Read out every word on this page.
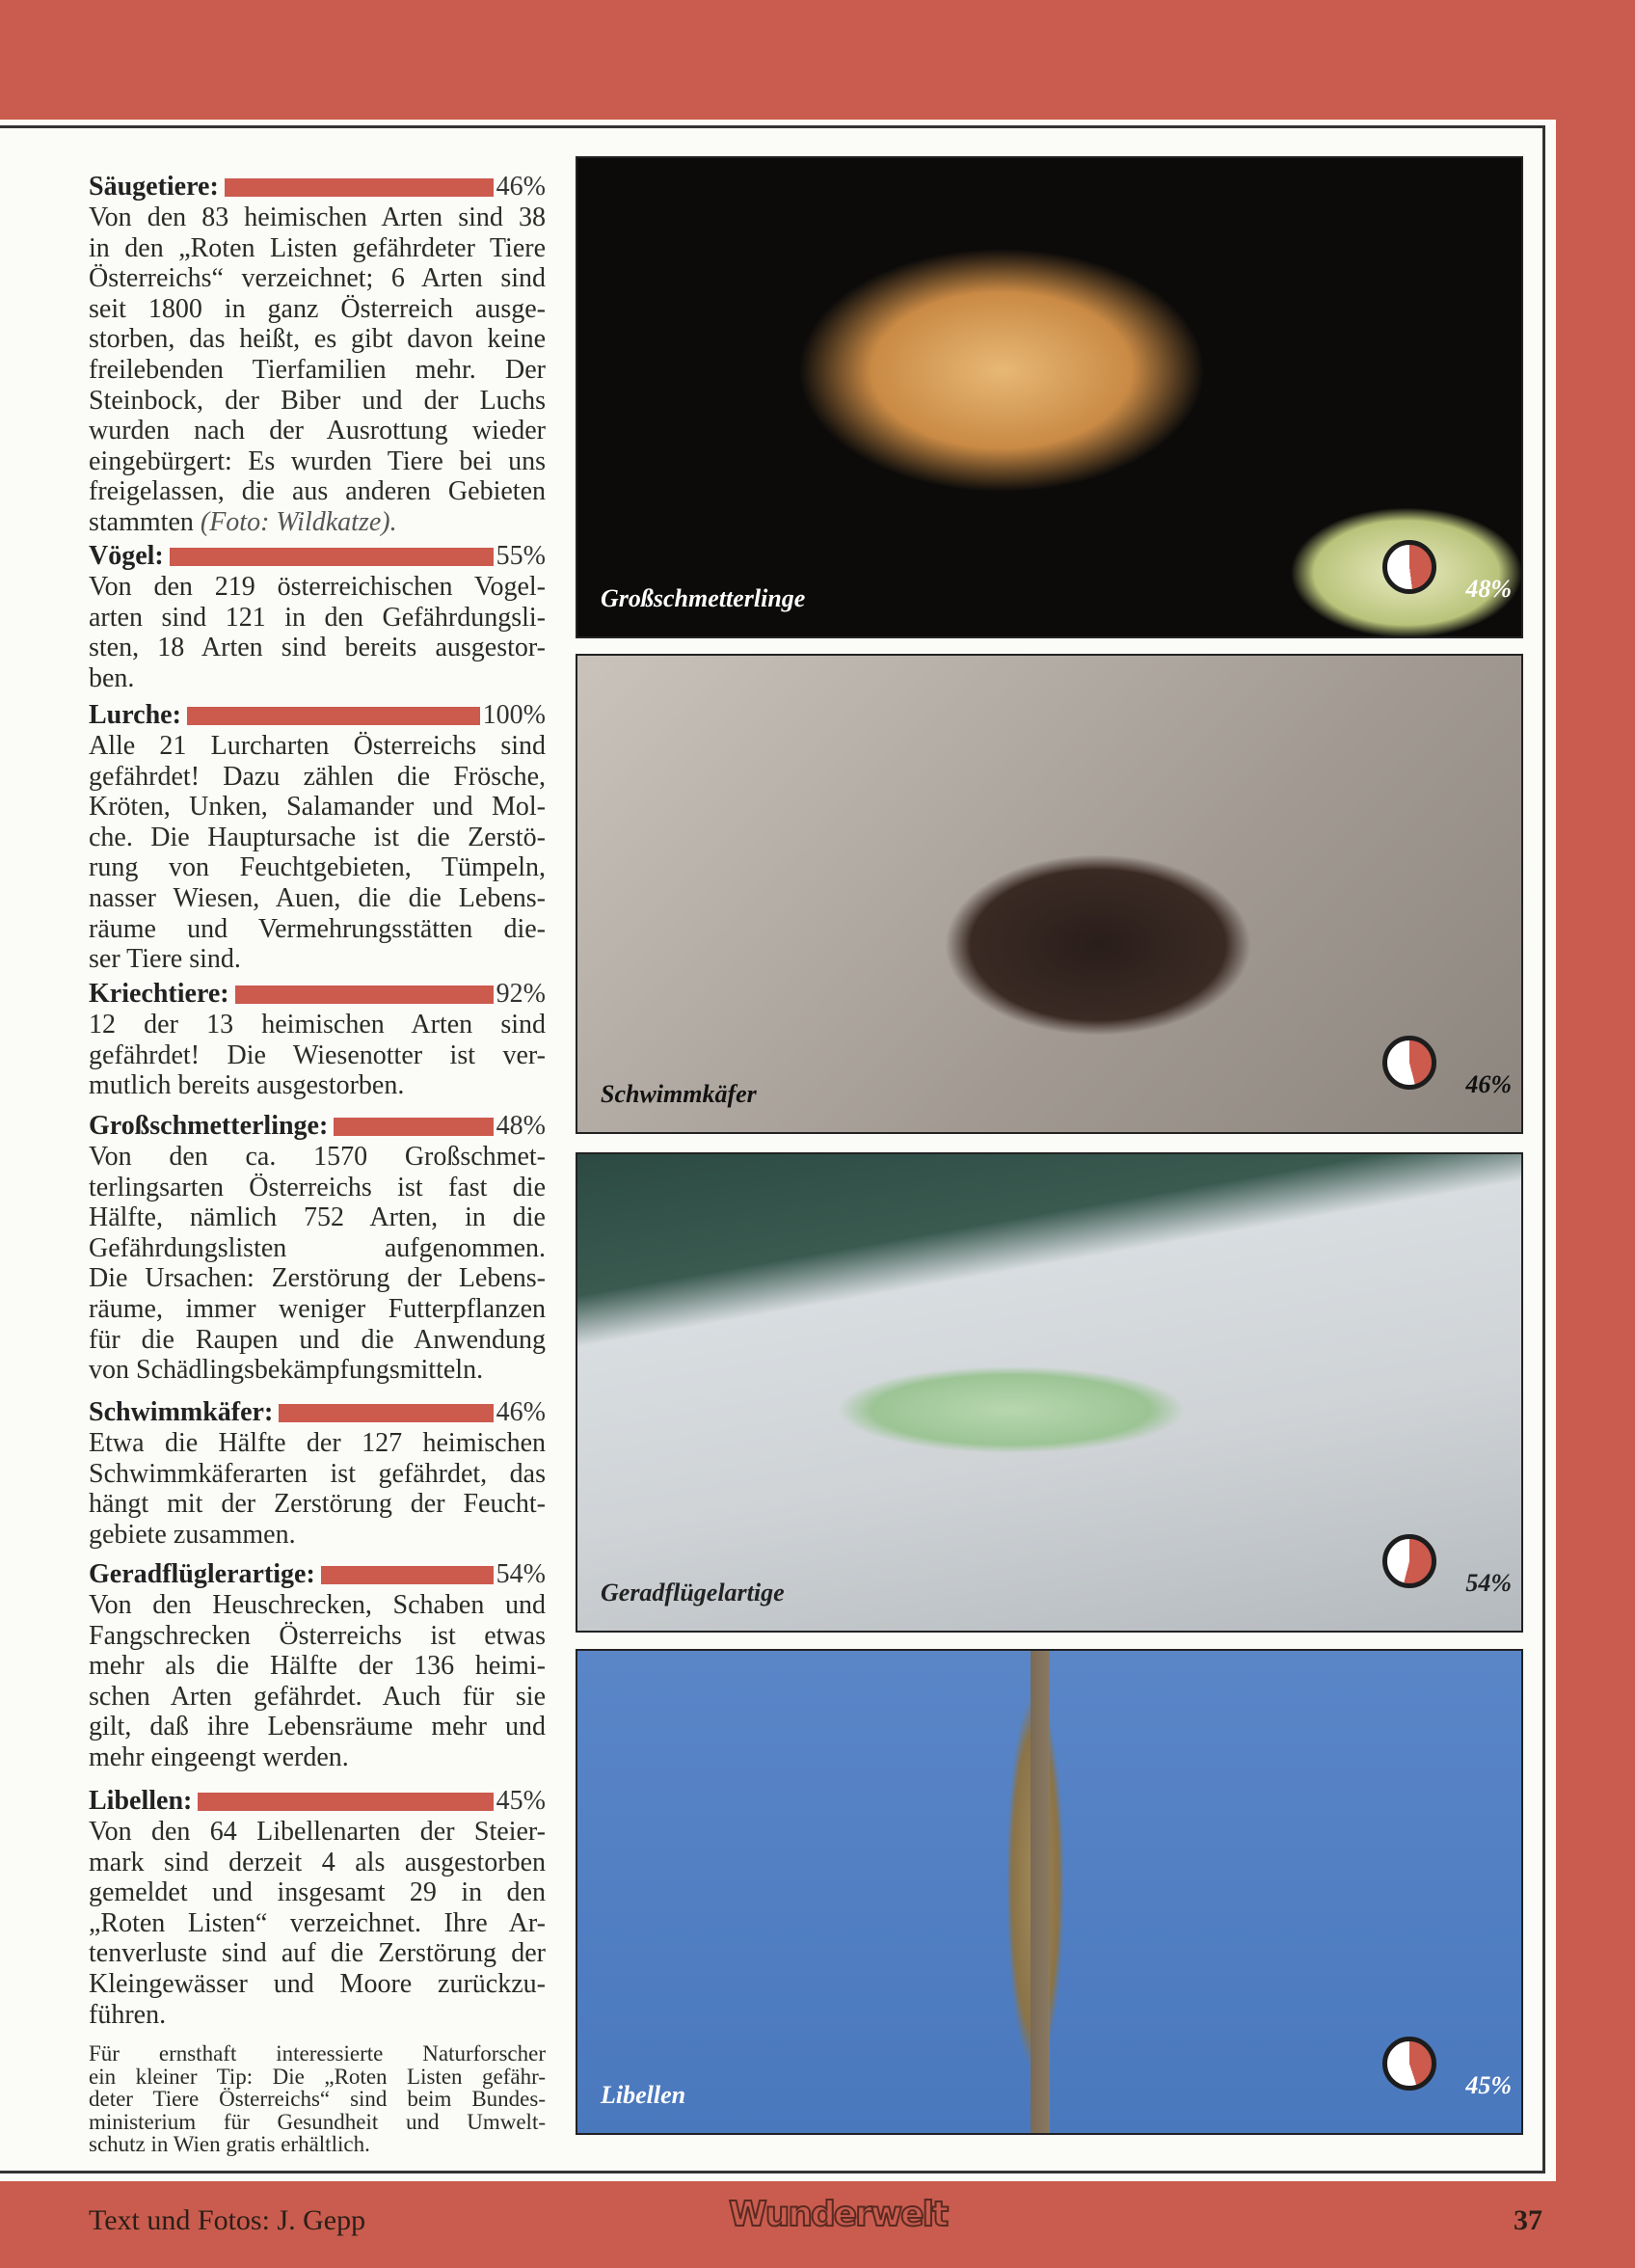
Säugetiere:	46%
Von den 83 heimischen Arten sind 38
in den „Roten Listen gefährdeter Tiere
Österreichs“ verzeichnet; 6 Arten sind
seit 1800 in ganz Österreich ausge-
storben, das heißt, es gibt davon keine
freilebenden Tierfamilien mehr. Der
Steinbock, der Biber und der Luchs
wurden nach der Ausrottung wieder
eingebürgert: Es wurden Tiere bei uns
freigelassen, die aus anderen Gebieten
stammten (Foto: Wildkatze).
Vögel:	55%
Von den 219 österreichischen Vogel-
arten sind 121 in den Gefährdungsli-
sten, 18 Arten sind bereits ausgestor-
ben.
Lurche:	100%
Alle 21 Lurcharten Österreichs sind
gefährdet! Dazu zählen die Frösche,
Kröten, Unken, Salamander und Mol-
che. Die Hauptursache ist die Zerstö-
rung von Feuchtgebieten, Tümpeln,
nasser Wiesen, Auen, die die Lebens-
räume und Vermehrungsstätten die-
ser Tiere sind.
Kriechtiere:	92%
12 der 13 heimischen Arten sind
gefährdet! Die Wiesenotter ist ver-
mutlich bereits ausgestorben.
Großschmetterlinge:	48%
Von den ca. 1570 Großschmet-
terlingsarten Österreichs ist fast die
Hälfte, nämlich 752 Arten, in die
Gefährdungslisten aufgenommen.
Die Ursachen: Zerstörung der Lebens-
räume, immer weniger Futterpflanzen
für die Raupen und die Anwendung
von Schädlingsbekämpfungsmitteln.
Schwimmkäfer:	46%
Etwa die Hälfte der 127 heimischen
Schwimmkäferarten ist gefährdet, das
hängt mit der Zerstörung der Feucht-
gebiete zusammen.
Geradflüglerartige:	54%
Von den Heuschrecken, Schaben und
Fangschrecken Österreichs ist etwas
mehr als die Hälfte der 136 heimi-
schen Arten gefährdet. Auch für sie
gilt, daß ihre Lebensräume mehr und
mehr eingeengt werden.
Libellen:	45%
Von den 64 Libellenarten der Steier-
mark sind derzeit 4 als ausgestorben
gemeldet und insgesamt 29 in den
„Roten Listen“ verzeichnet. Ihre Ar-
tenverluste sind auf die Zerstörung der
Kleingewässer und Moore zurückzu-
führen.
Für ernsthaft interessierte Naturforscher
ein kleiner Tip: Die „Roten Listen gefähr-
deter Tiere Österreichs“ sind beim Bundes-
ministerium für Gesundheit und Umwelt-
schutz in Wien gratis erhältlich.
Großschmetterlinge	48%
Schwimmkäfer	46%
Geradflügelartige	54%
Libellen	45%
Text und Fotos: J. Gepp	Wunderwelt	37
